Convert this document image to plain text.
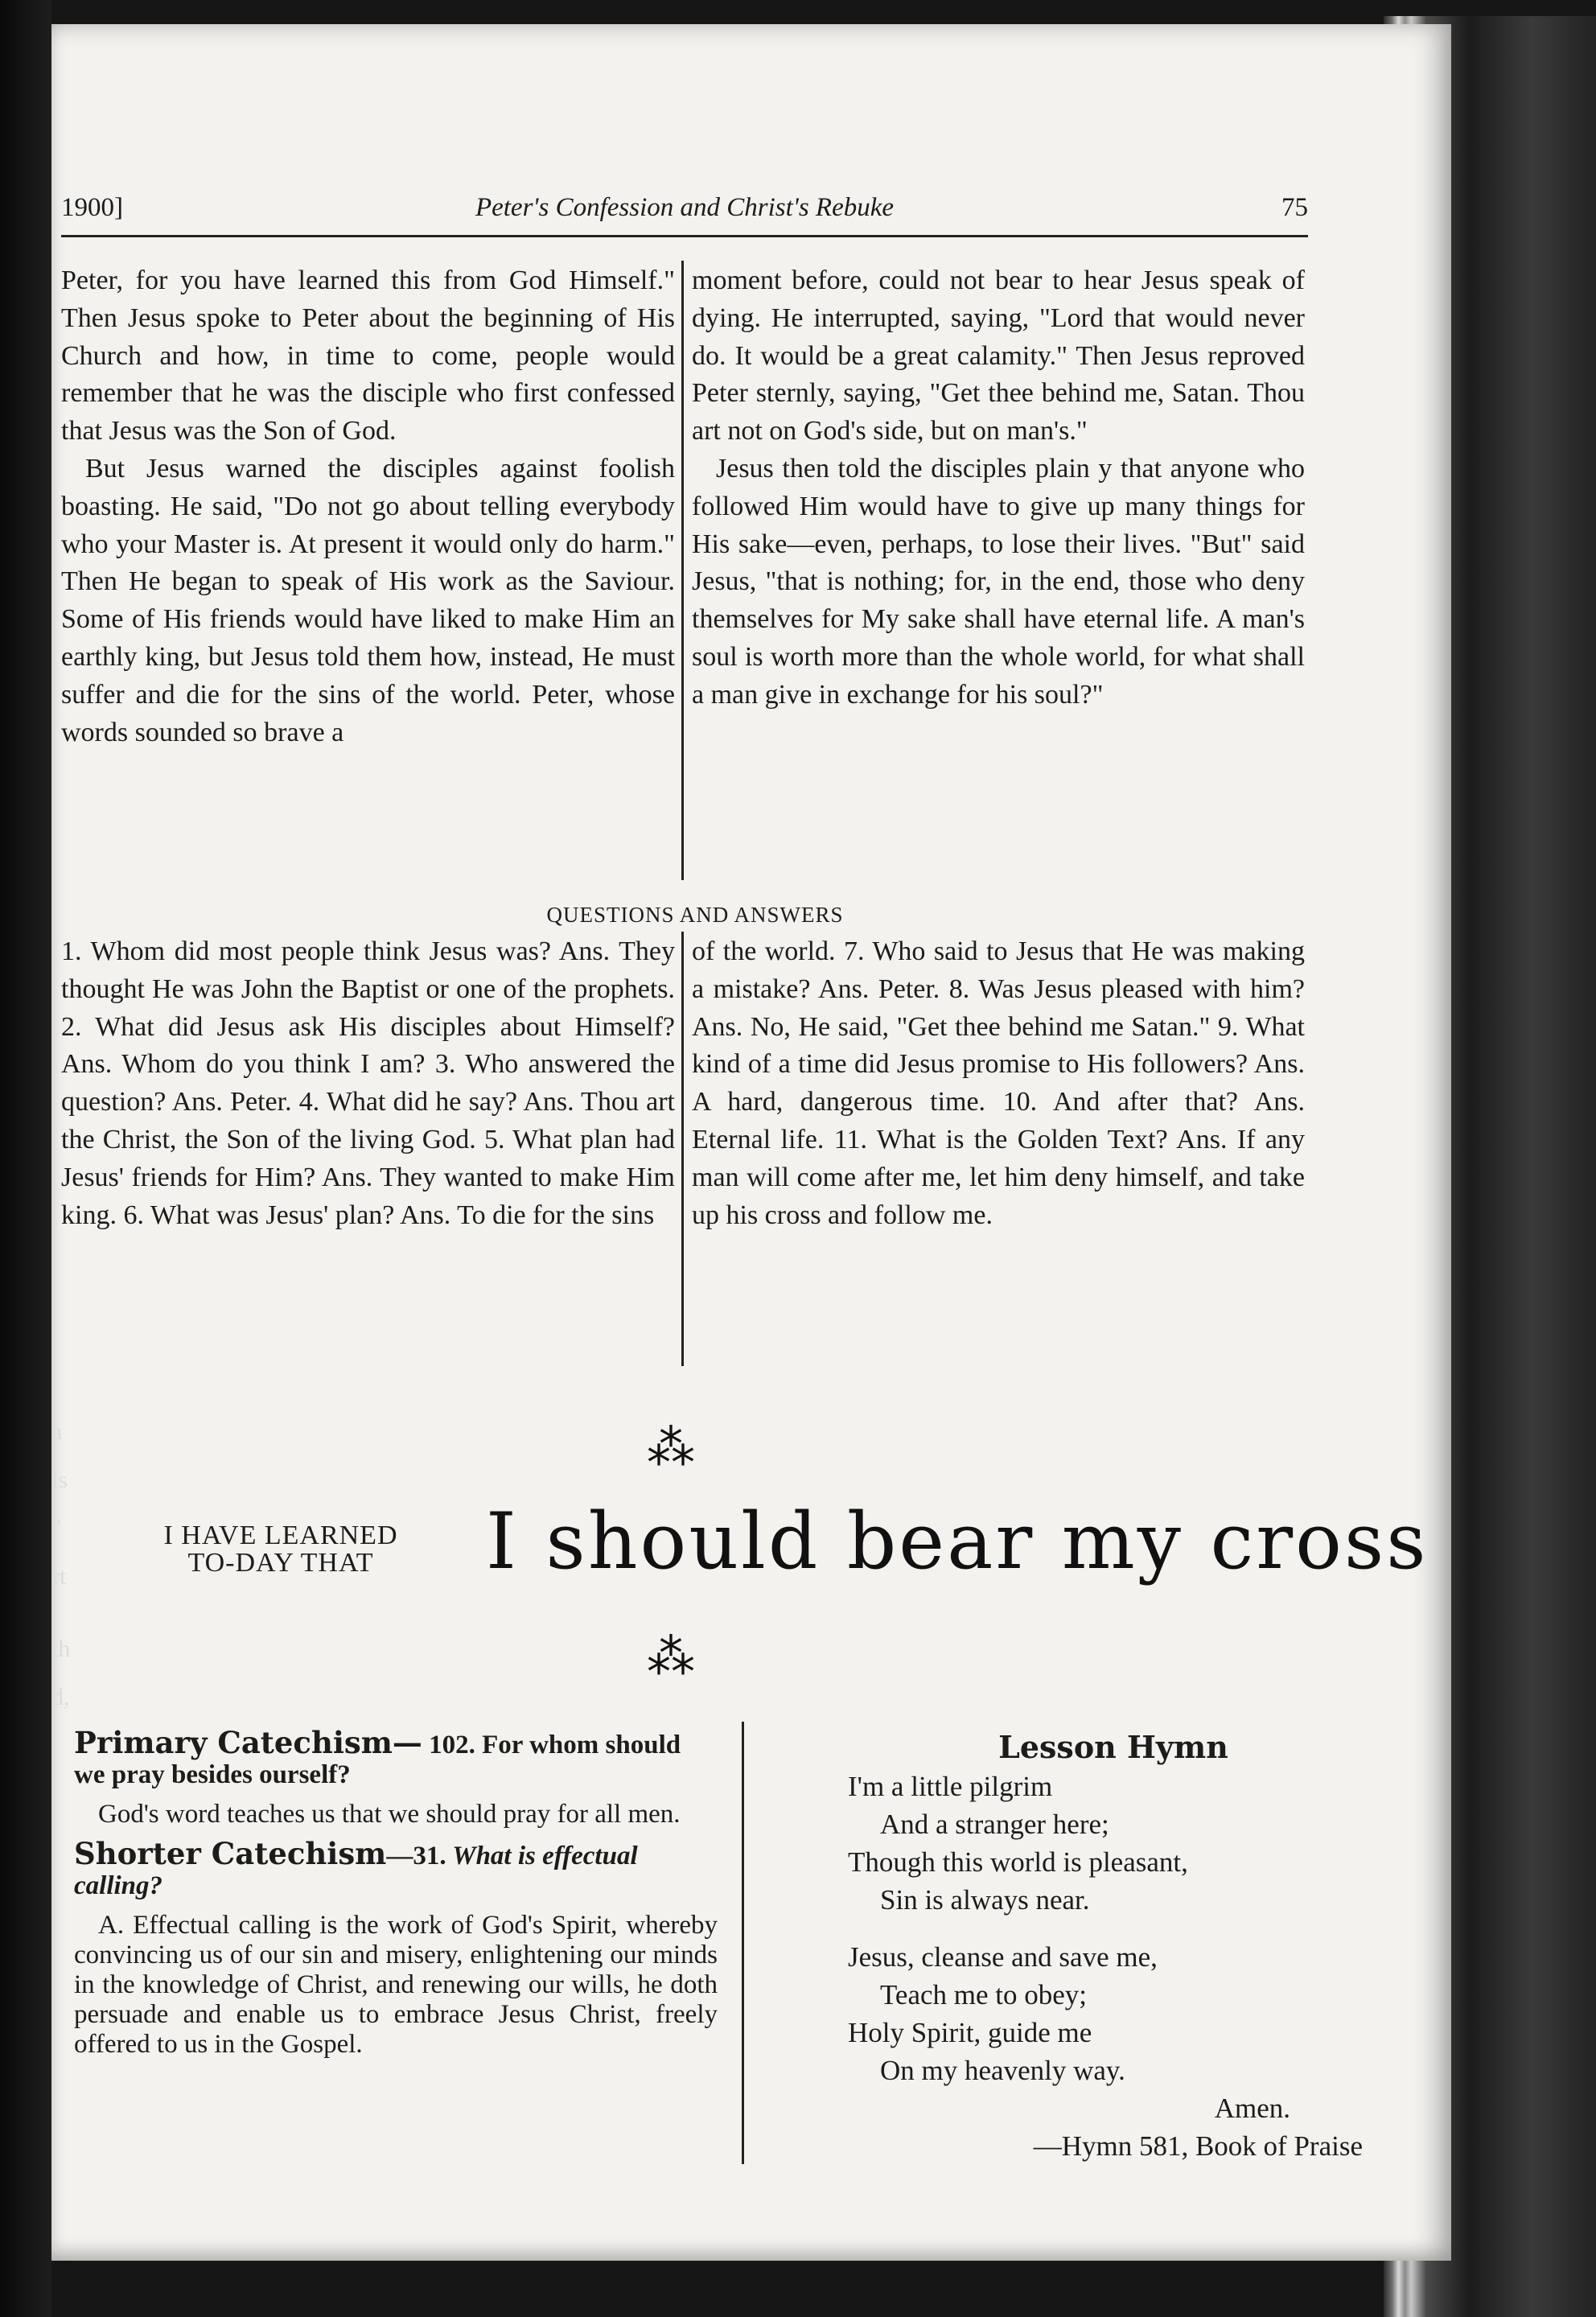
a
is
"
rt
th
d,
1900]	Peter's Confession and Christ's Rebuke	75

Peter, for you have learned this from God Himself." Then Jesus spoke to Peter about the beginning of His Church and how, in time to come, people would remember that he was the disciple who first confessed that Jesus was the Son of God.

But Jesus warned the disciples against foolish boasting. He said, "Do not go about telling everybody who your Master is. At present it would only do harm." Then He began to speak of His work as the Saviour. Some of His friends would have liked to make Him an earthly king, but Jesus told them how, instead, He must suffer and die for the sins of the world. Peter, whose words sounded so brave a

moment before, could not bear to hear Jesus speak of dying. He interrupted, saying, "Lord that would never do. It would be a great calamity." Then Jesus reproved Peter sternly, saying, "Get thee behind me, Satan. Thou art not on God's side, but on man's."

Jesus then told the disciples plain y that anyone who followed Him would have to give up many things for His sake—even, perhaps, to lose their lives. "But" said Jesus, "that is nothing; for, in the end, those who deny themselves for My sake shall have eternal life. A man's soul is worth more than the whole world, for what shall a man give in exchange for his soul?"

QUESTIONS AND ANSWERS

1. Whom did most people think Jesus was? Ans. They thought He was John the Baptist or one of the prophets. 2. What did Jesus ask His disciples about Himself? Ans. Whom do you think I am? 3. Who answered the question? Ans. Peter. 4. What did he say? Ans. Thou art the Christ, the Son of the living God. 5. What plan had Jesus' friends for Him? Ans. They wanted to make Him king. 6. What was Jesus' plan? Ans. To die for the sins

of the world. 7. Who said to Jesus that He was making a mistake? Ans. Peter. 8. Was Jesus pleased with him? Ans. No, He said, "Get thee behind me Satan." 9. What kind of a time did Jesus promise to His followers? Ans. A hard, dangerous time. 10. And after that? Ans. Eternal life. 11. What is the Golden Text? Ans. If any man will come after me, let him deny himself, and take up his cross and follow me.

⁂
I HAVE LEARNED
TO-DAY THAT	I should bear my cross
⁂

Primary Catechism— 102. For whom should we pray besides ourself?

God's word teaches us that we should pray for all men.

Shorter Catechism—31. What is effectual calling?

A. Effectual calling is the work of God's Spirit, whereby convincing us of our sin and misery, enlightening our minds in the knowledge of Christ, and renewing our wills, he doth persuade and enable us to embrace Jesus Christ, freely offered to us in the Gospel.

Lesson Hymn
I'm a little pilgrim
And a stranger here;
Though this world is pleasant,
Sin is always near.
Jesus, cleanse and save me,
Teach me to obey;
Holy Spirit, guide me
On my heavenly way.
Amen.
—Hymn 581, Book of Praise
